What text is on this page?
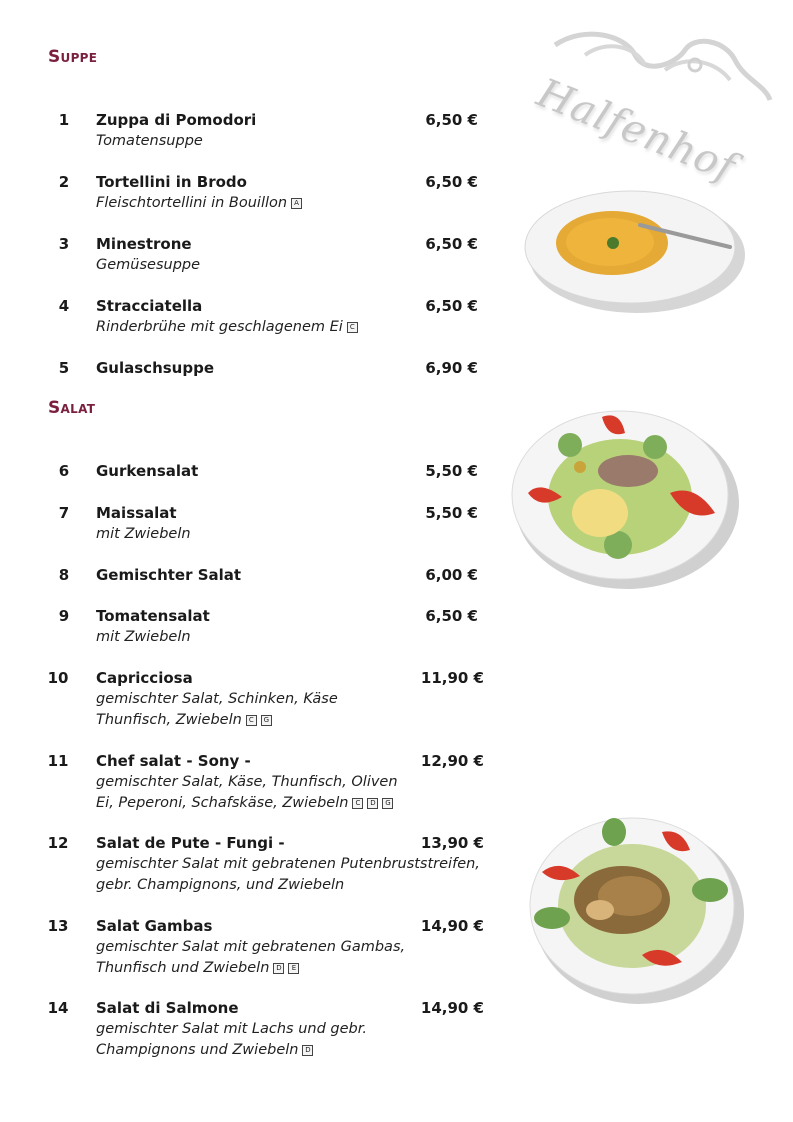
Suppe
Salat
Halfenhof
1	Zuppa di Pomodori	6,50 €
Tomatensuppe
2	Tortellini in Brodo	6,50 €
Fleischtortellini in Bouillon A
3	Minestrone	6,50 €
Gemüsesuppe
4	Stracciatella	6,50 €
Rinderbrühe mit geschlagenem Ei C
5	Gulaschsuppe	6,90 €
6	Gurkensalat	5,50 €
7	Maissalat	5,50 €
mit Zwiebeln
8	Gemischter Salat	6,00 €
9	Tomatensalat	6,50 €
mit Zwiebeln
10	Capricciosa	11,90 €
gemischter Salat, Schinken, Käse
Thunfisch, Zwiebeln C G
11	Chef salat - Sony -	12,90 €
gemischter Salat, Käse, Thunfisch, Oliven
Ei, Peperoni, Schafskäse, Zwiebeln C D G
12	Salat de Pute - Fungi -	13,90 €
gemischter Salat mit gebratenen Putenbruststreifen,
gebr. Champignons, und Zwiebeln
13	Salat Gambas	14,90 €
gemischter Salat mit gebratenen Gambas,
Thunfisch und Zwiebeln D E
14	Salat di Salmone	14,90 €
gemischter Salat mit Lachs und gebr.
Champignons und Zwiebeln D
